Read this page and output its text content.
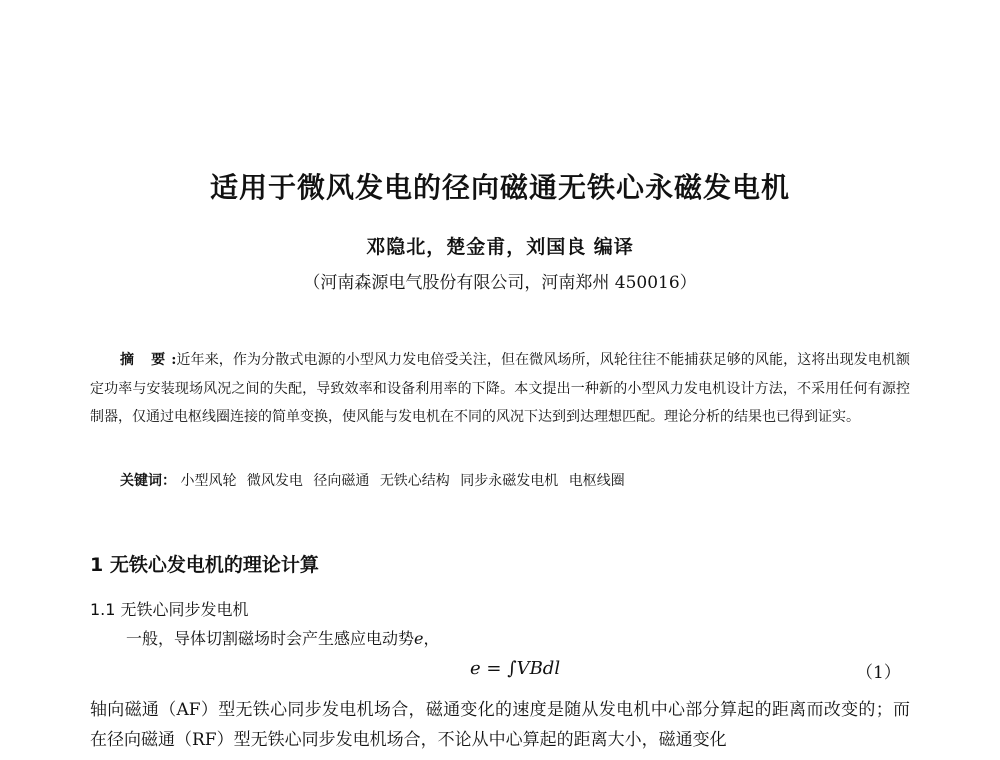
适用于微风发电的径向磁通无铁心永磁发电机
邓隐北，楚金甫，刘国良 编译
（河南森源电气股份有限公司，河南郑州 450016）
摘 要:近年来，作为分散式电源的小型风力发电倍受关注，但在微风场所，风轮往往不能捕获足够的风能，这将出现发电机额定功率与安装现场风况之间的失配，导致效率和设备利用率的下降。本文提出一种新的小型风力发电机设计方法，不采用任何有源控制器，仅通过电枢线圈连接的简单变换，使风能与发电机在不同的风况下达到到达理想匹配。理论分析的结果也已得到证实。
关键词： 小型风轮 微风发电 径向磁通 无铁心结构 同步永磁发电机 电枢线圈
1 无铁心发电机的理论计算
1.1 无铁心同步发电机
一般，导体切割磁场时会产生感应电动势e，
e = ∫VBdl	（1）
轴向磁通（AF）型无铁心同步发电机场合，磁通变化的速度是随从发电机中心部分算起的距离而改变的；而在径向磁通（RF）型无铁心同步发电机场合，不论从中心算起的距离大小，磁通变化
